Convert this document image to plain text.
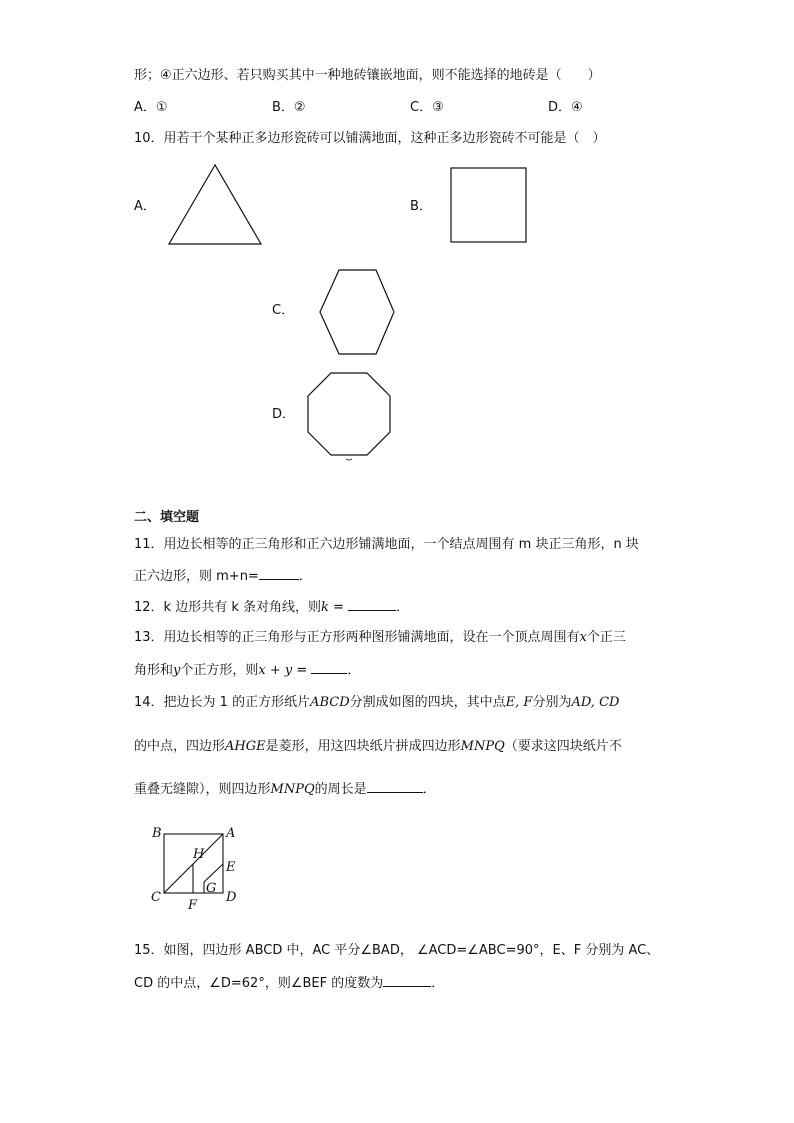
形；④正六边形、若只购买其中一种地砖镶嵌地面，则不能选择的地砖是（　　）
A．①	B．②	C．③	D．④
10．用若干个某种正多边形瓷砖可以铺满地面，这种正多边形瓷砖不可能是（　）
A．	B．
C．
D．
二、填空题
11．用边长相等的正三角形和正六边形铺满地面，一个结点周围有 m 块正三角形，n 块
正六边形，则 m+n=	．
12．k 边形共有 k 条对角线，则k =	．
13．用边长相等的正三角形与正方形两种图形铺满地面，设在一个顶点周围有x个正三
角形和y个正方形，则x + y =	．
14．把边长为 1 的正方形纸片ABCD分割成如图的四块，其中点E, F分别为AD, CD
的中点，四边形AHGE是菱形，用这四块纸片拼成四边形MNPQ（要求这四块纸片不
重叠无缝隙），则四边形MNPQ的周长是	．
B	A
H
E
G
C	D
F
15．如图，四边形 ABCD 中，AC 平分∠BAD， ∠ACD=∠ABC=90°，E、F 分别为 AC、
CD 的中点，∠D=62°，则∠BEF 的度数为	．
